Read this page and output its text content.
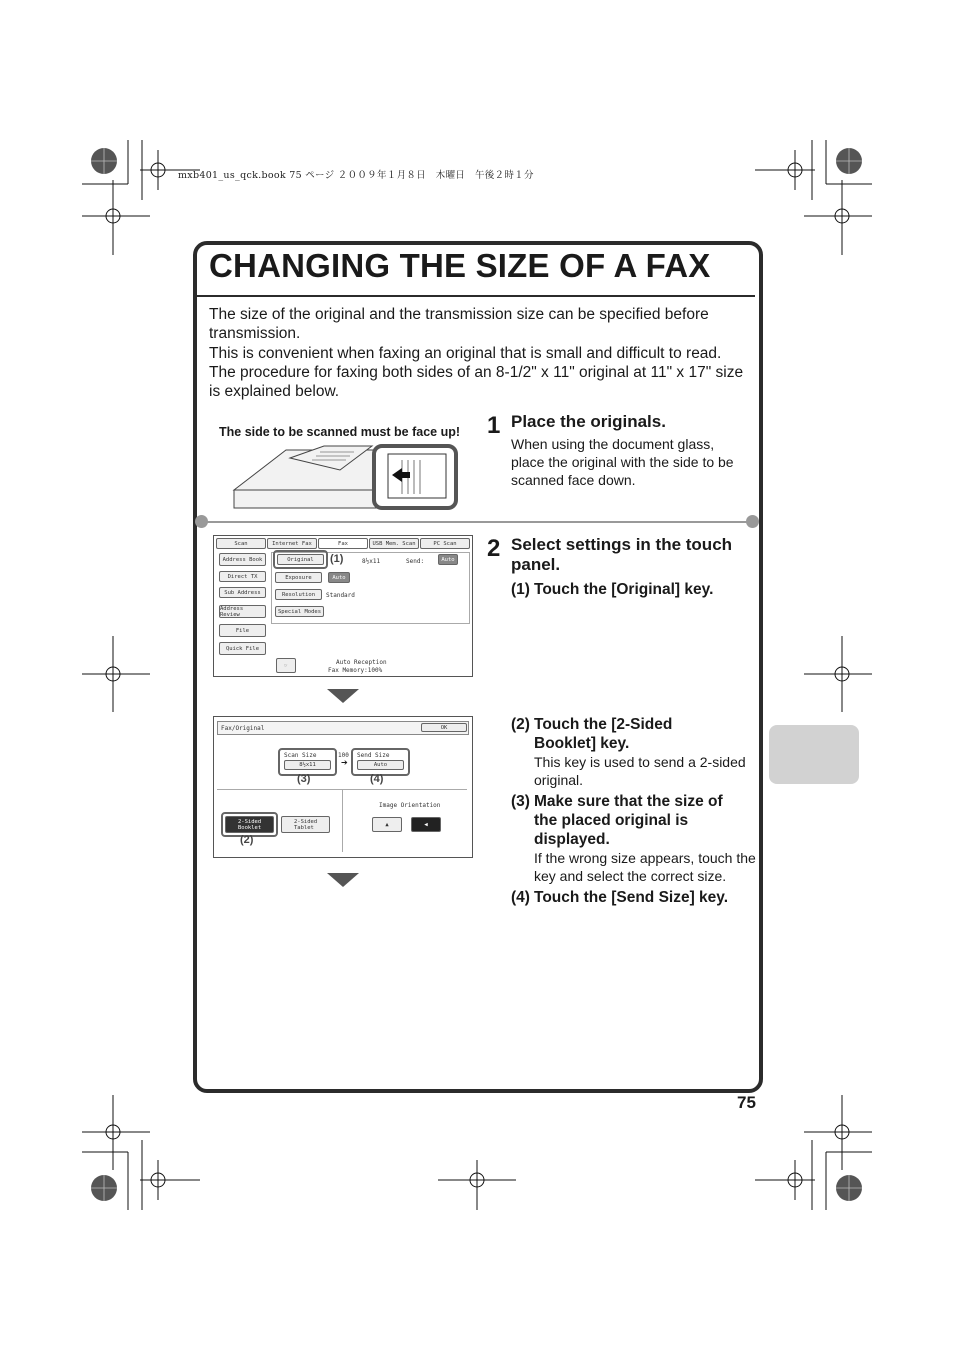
mxb401_us_qck.book 75 ページ ２００９年１月８日　木曜日　午後２時１分
CHANGING THE SIZE OF A FAX

The size of the original and the transmission size can be specified before transmission.

This is convenient when faxing an original that is small and difficult to read.

The procedure for faxing both sides of an 8-1/2" x 11" original at 11" x 17" size is explained below.

The side to be scanned must be face up! 1 Place the originals.
When using the document glass, place the original with the side to be scanned face down.
2 Select settings in the touch panel.
(1) Touch the [Original] key.
(2) Touch the [2-Sided Booklet] key.
This key is used to send a 2-sided original.
(3) Make sure that the size of the placed original is displayed.
If the wrong size appears, touch the key and select the correct size.
(4) Touch the [Send Size] key.
Scan	Internet Fax	Fax	USB Mem. Scan	PC Scan
Address Book
Direct TX
Sub Address
Address Review
File
Quick File
Original	(1)	8½x11	Send:	Auto
Exposure	Auto
Resolution	Standard
Special Modes
☞	Auto Reception
Fax Memory:100%
Fax/Original	OK
Scan Size
8½x11
100
➔
Send Size
Auto
(3)	(4)
2-Sided Booklet
2-Sided Tablet
(2)
Image Orientation
▲	◀
75
